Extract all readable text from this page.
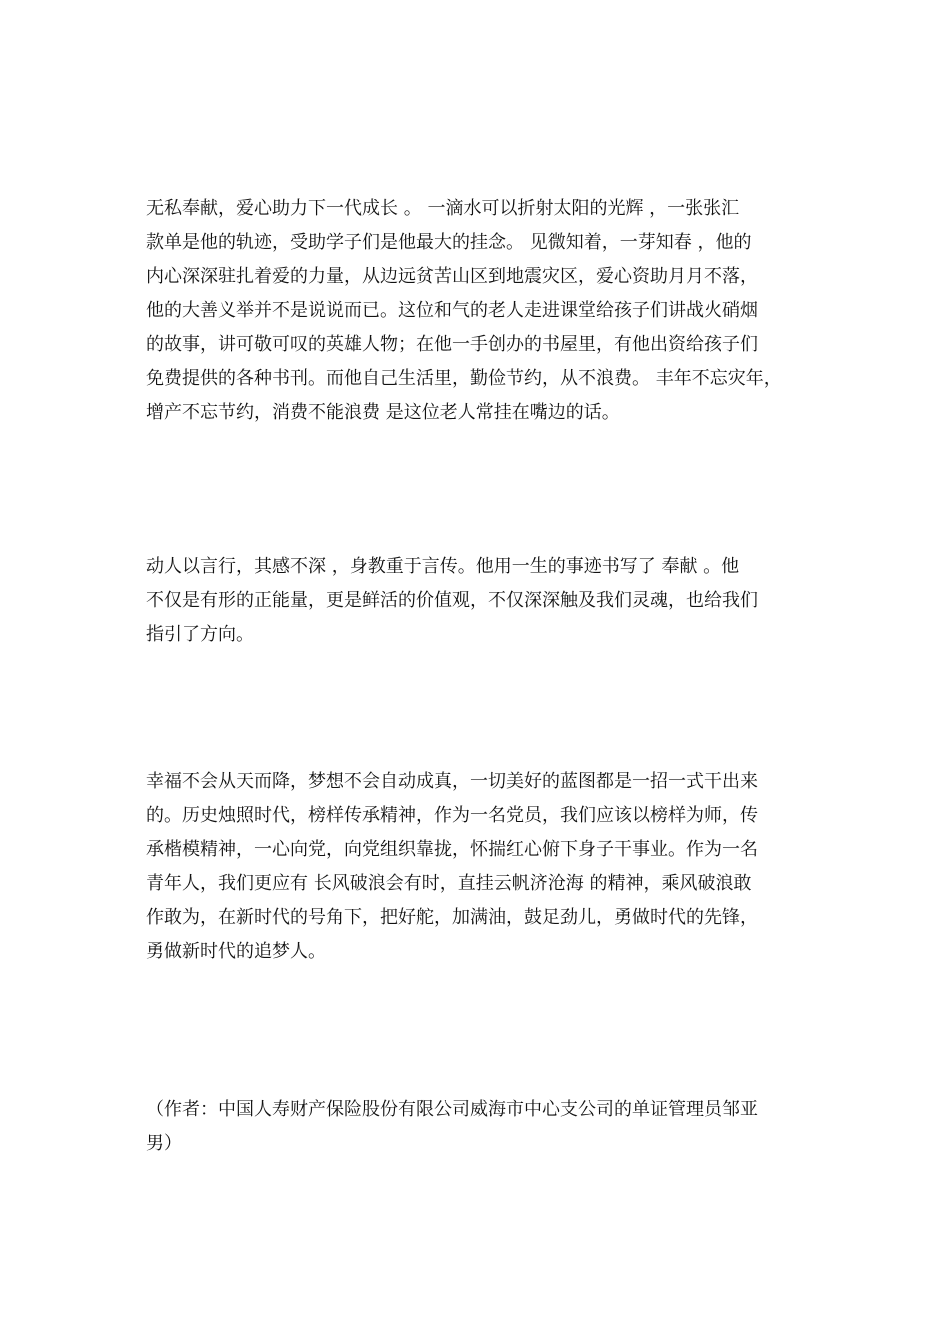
无私奉献，爱心助力下一代成长 。 一滴水可以折射太阳的光辉 ，一张张汇
款单是他的轨迹，受助学子们是他最大的挂念。 见微知着，一芽知春 ，他的
内心深深驻扎着爱的力量，从边远贫苦山区到地震灾区，爱心资助月月不落，
他的大善义举并不是说说而已。这位和气的老人走进课堂给孩子们讲战火硝烟
的故事，讲可敬可叹的英雄人物；在他一手创办的书屋里，有他出资给孩子们
免费提供的各种书刊。而他自己生活里，勤俭节约，从不浪费。 丰年不忘灾年，
增产不忘节约，消费不能浪费 是这位老人常挂在嘴边的话。

动人以言行，其感不深 ，身教重于言传。他用一生的事迹书写了 奉献 。他
不仅是有形的正能量，更是鲜活的价值观，不仅深深触及我们灵魂，也给我们
指引了方向。

幸福不会从天而降，梦想不会自动成真，一切美好的蓝图都是一招一式干出来
的。历史烛照时代，榜样传承精神，作为一名党员，我们应该以榜样为师，传
承楷模精神，一心向党，向党组织靠拢，怀揣红心俯下身子干事业。作为一名
青年人，我们更应有 长风破浪会有时，直挂云帆济沧海 的精神，乘风破浪敢
作敢为，在新时代的号角下，把好舵，加满油，鼓足劲儿，勇做时代的先锋，
勇做新时代的追梦人。

（作者：中国人寿财产保险股份有限公司威海市中心支公司的单证管理员邹亚
男）
